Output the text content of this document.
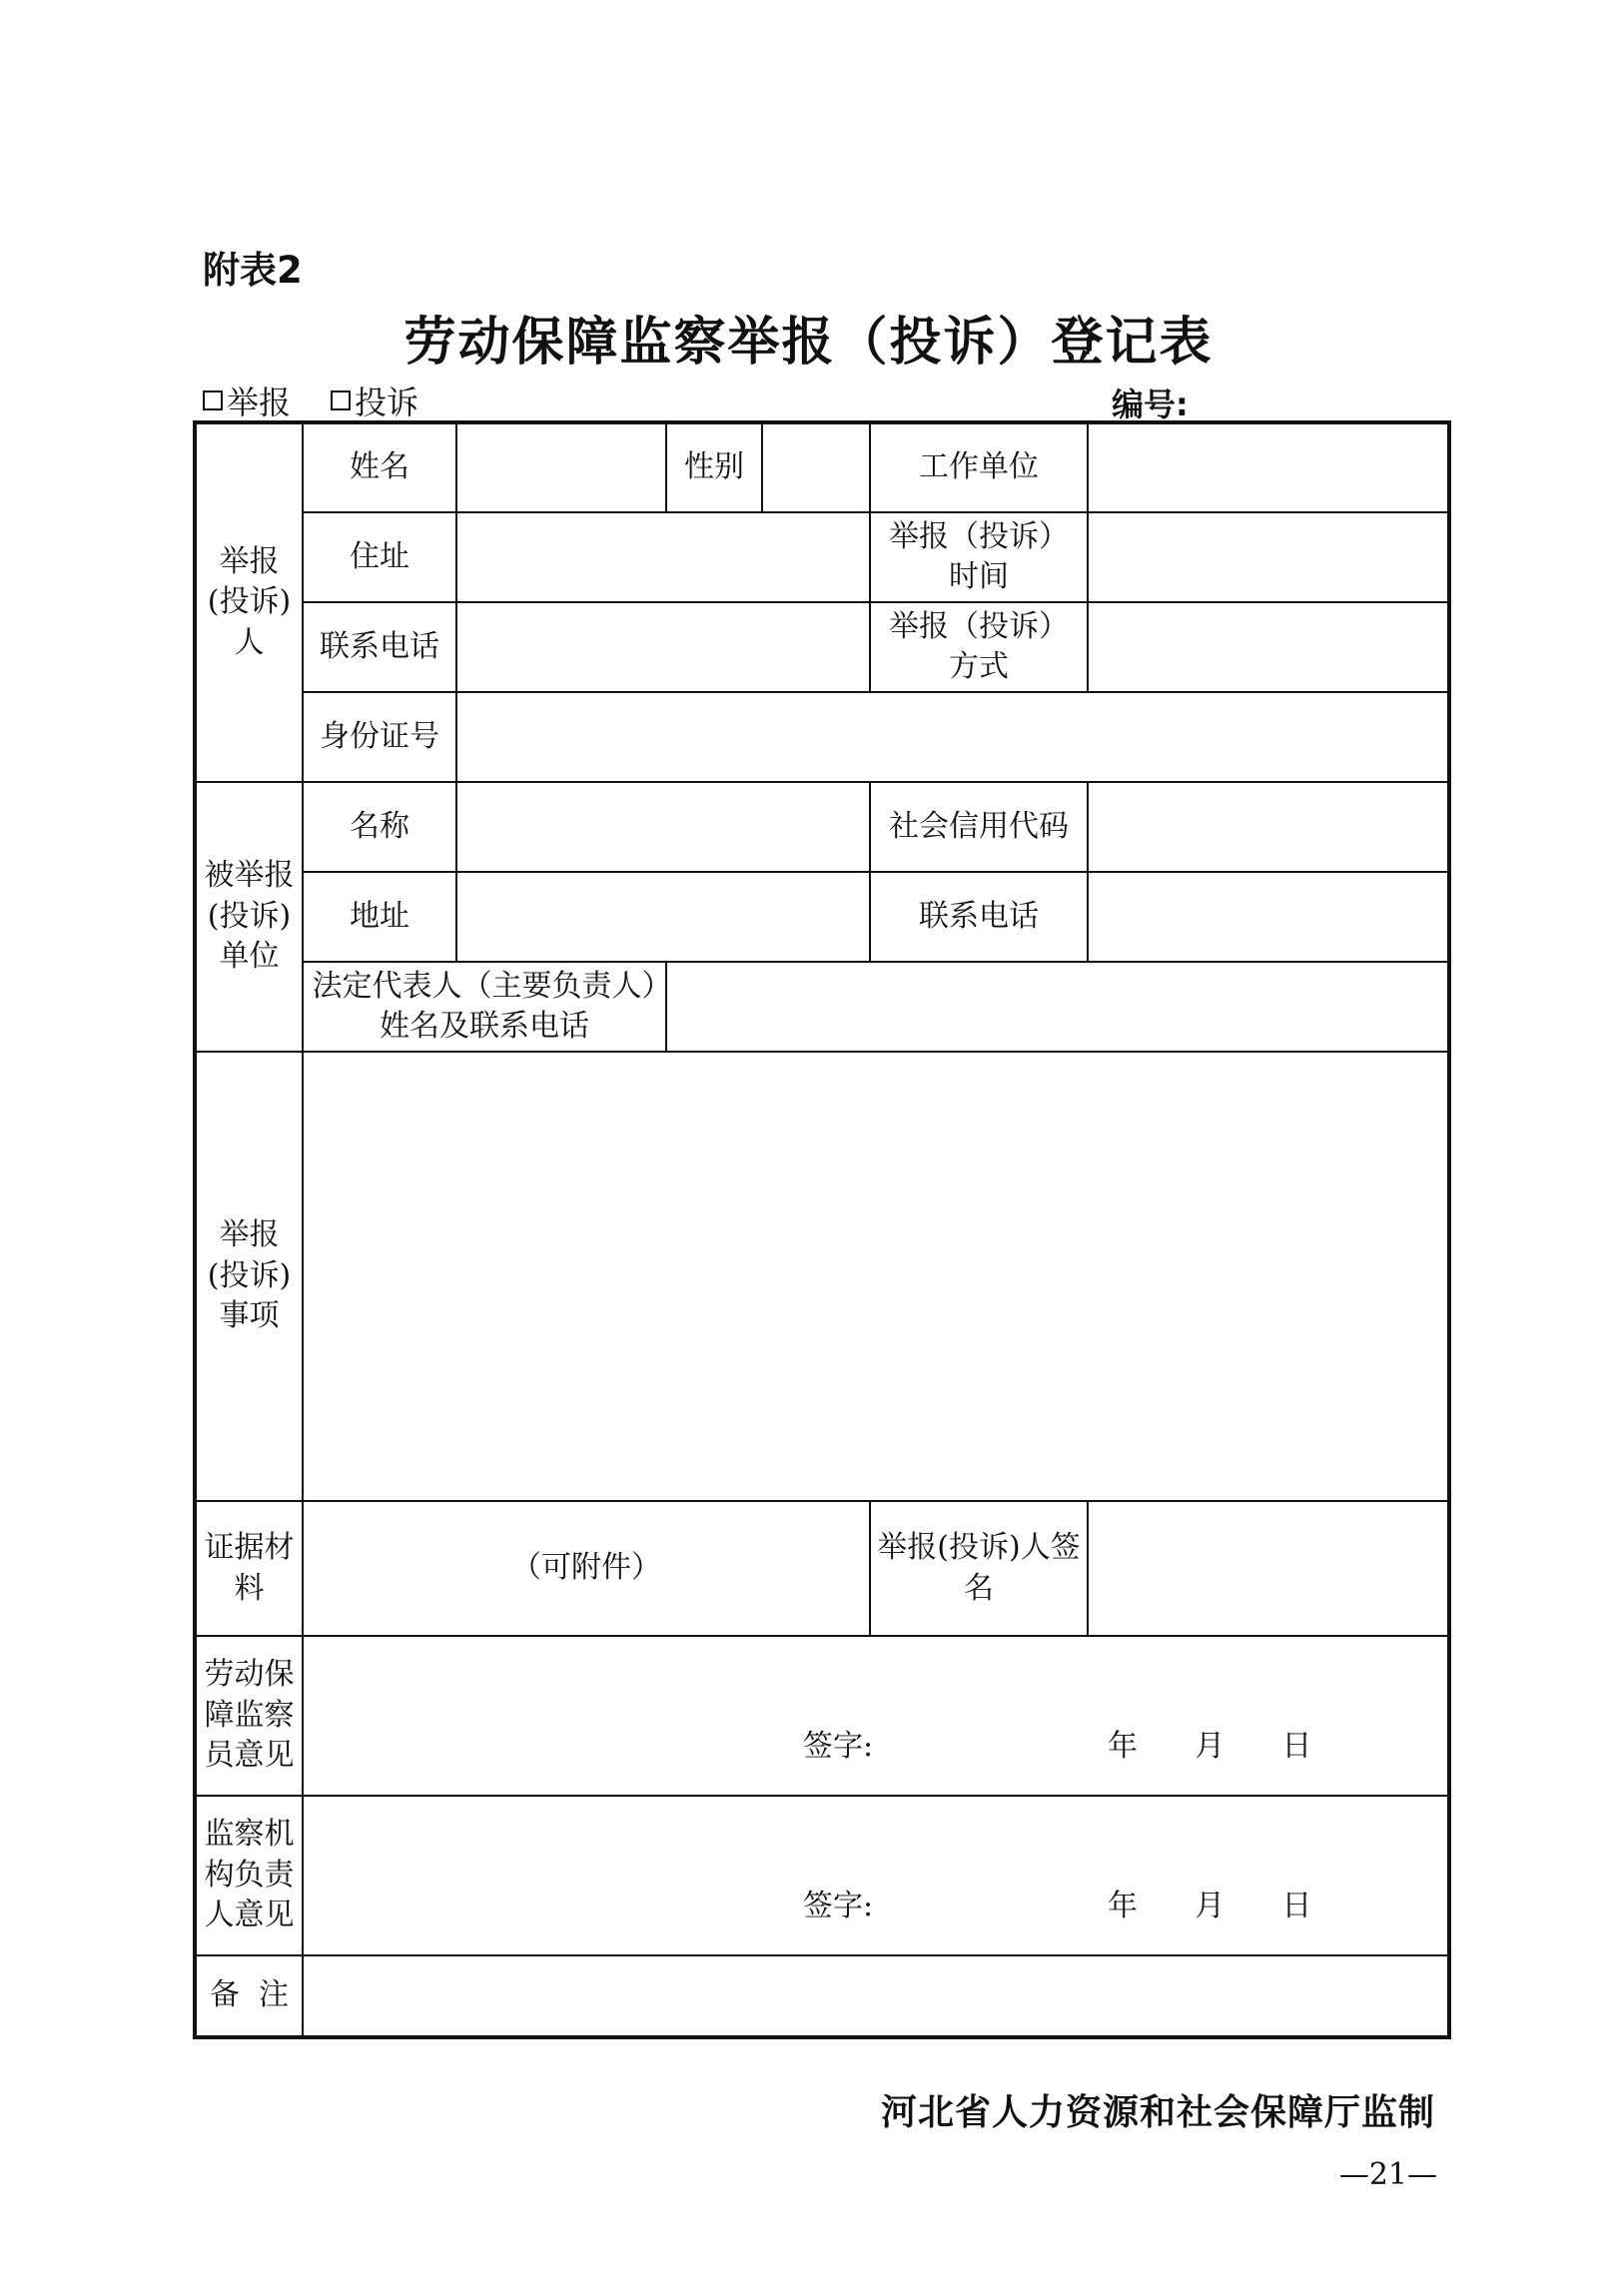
附表2
劳动保障监察举报（投诉）登记表
举报 投诉	编号:
举报(投诉)人	姓名		性别		工作单位	
	住址				举报（投诉）时间	
	联系电话				举报（投诉）方式	
	身份证号					
被举报(投诉)单位	名称				社会信用代码	
	地址				联系电话	
	法定代表人（主要负责人）姓名及联系电话					
举报(投诉)事项						
证据材料	（可附件）				举报(投诉)人签名	
劳动保障监察员意见	签字: 年      月      日					

监察机构负责人意见	签字: 年      月      日					

备  注						
河北省人力资源和社会保障厅监制
—21—
